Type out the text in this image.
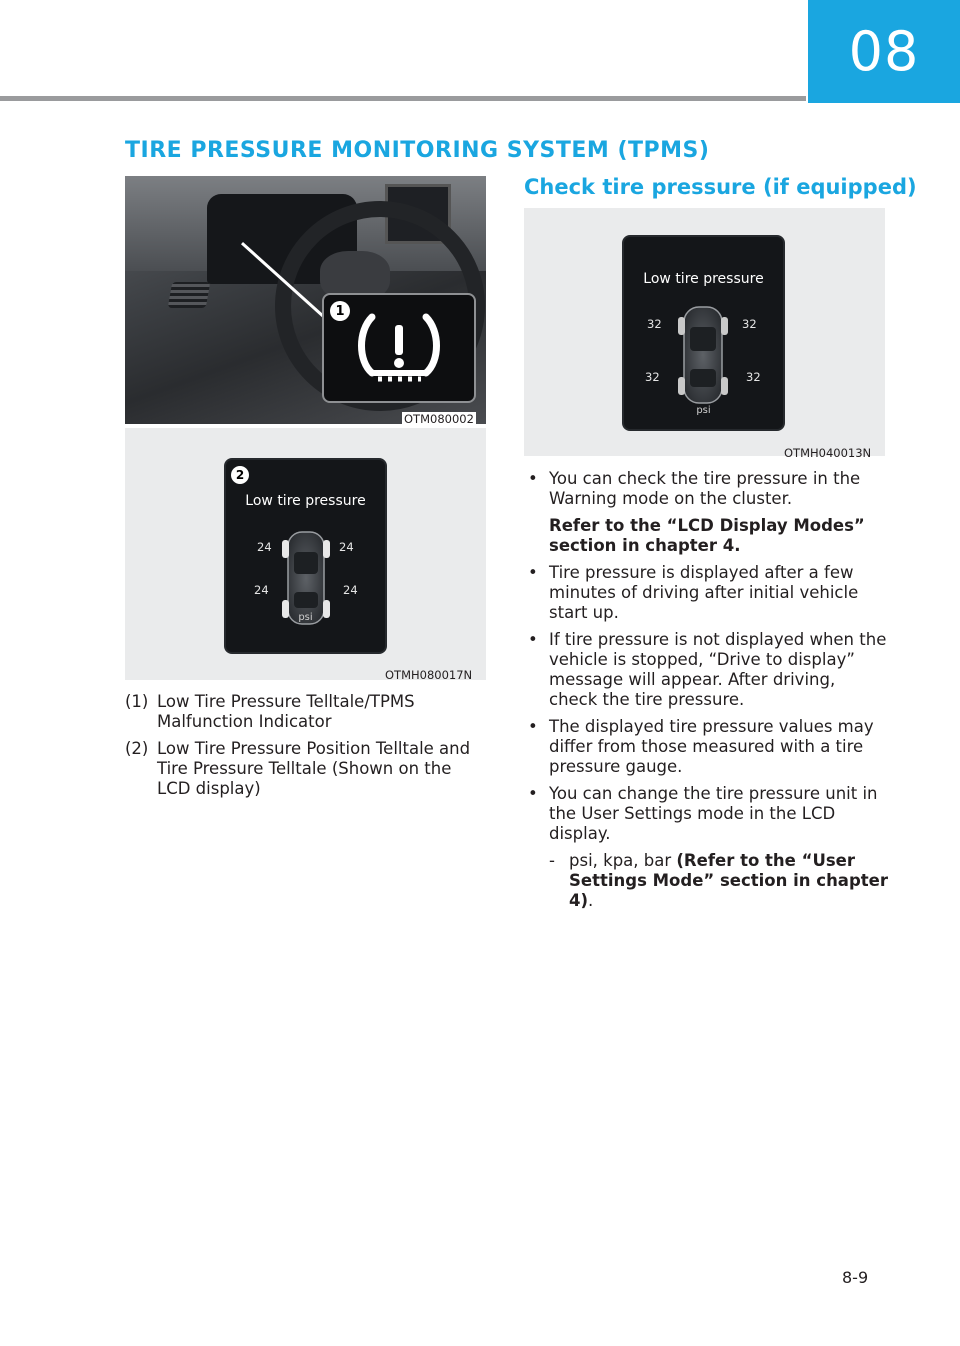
08
TIRE PRESSURE MONITORING SYSTEM (TPMS)
1
OTM080002
2
Low tire pressure
24	24
24	24
psi
OTMH080017N
(1) Low Tire Pressure Telltale/TPMS Malfunction Indicator
(2) Low Tire Pressure Position Telltale and Tire Pressure Telltale (Shown on the LCD display)
Check tire pressure (if equipped)
Low tire pressure
32	32
32	32
psi
OTMH040013N
• You can check the tire pressure in the Warning mode on the cluster.
Refer to the “LCD Display Modes” section in chapter 4.
• Tire pressure is displayed after a few minutes of driving after initial vehicle start up.
• If tire pressure is not displayed when the vehicle is stopped, “Drive to display” message will appear. After driving, check the tire pressure.
• The displayed tire pressure values may differ from those measured with a tire pressure gauge.
• You can change the tire pressure unit in the User Settings mode in the LCD display.
- psi, kpa, bar (Refer to the “User Settings Mode” section in chapter 4).
8-9
